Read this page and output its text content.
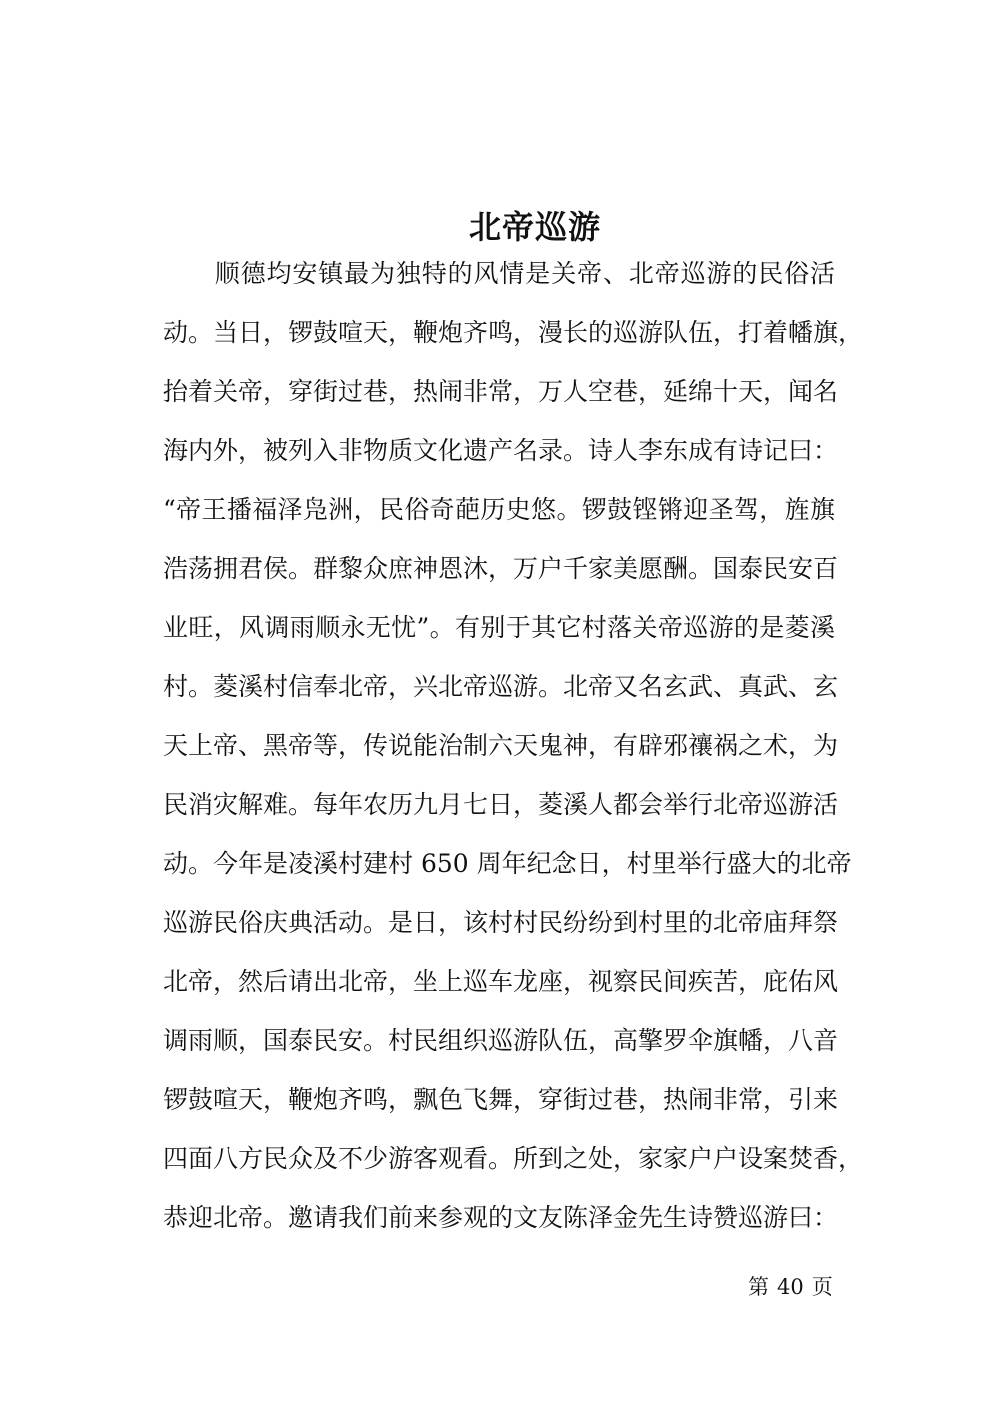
北帝巡游
　　顺德均安镇最为独特的风情是关帝、北帝巡游的民俗活
动。当日，锣鼓喧天，鞭炮齐鸣，漫长的巡游队伍，打着幡旗，
抬着关帝，穿街过巷，热闹非常，万人空巷，延绵十天，闻名
海内外，被列入非物质文化遗产名录。诗人李东成有诗记曰：
“帝王播福泽凫洲，民俗奇葩历史悠。锣鼓铿锵迎圣驾，旌旗
浩荡拥君侯。群黎众庶神恩沐，万户千家美愿酬。国泰民安百
业旺，风调雨顺永无忧”。有别于其它村落关帝巡游的是菱溪
村。菱溪村信奉北帝，兴北帝巡游。北帝又名玄武、真武、玄
天上帝、黑帝等，传说能治制六天鬼神，有辟邪禳祸之术，为
民消灾解难。每年农历九月七日，菱溪人都会举行北帝巡游活
动。今年是凌溪村建村 650 周年纪念日，村里举行盛大的北帝
巡游民俗庆典活动。是日，该村村民纷纷到村里的北帝庙拜祭
北帝，然后请出北帝，坐上巡车龙座，视察民间疾苦，庇佑风
调雨顺，国泰民安。村民组织巡游队伍，高擎罗伞旗幡，八音
锣鼓喧天，鞭炮齐鸣，飘色飞舞，穿街过巷，热闹非常，引来
四面八方民众及不少游客观看。所到之处，家家户户设案焚香，
恭迎北帝。邀请我们前来参观的文友陈泽金先生诗赞巡游曰：
第 40 页
